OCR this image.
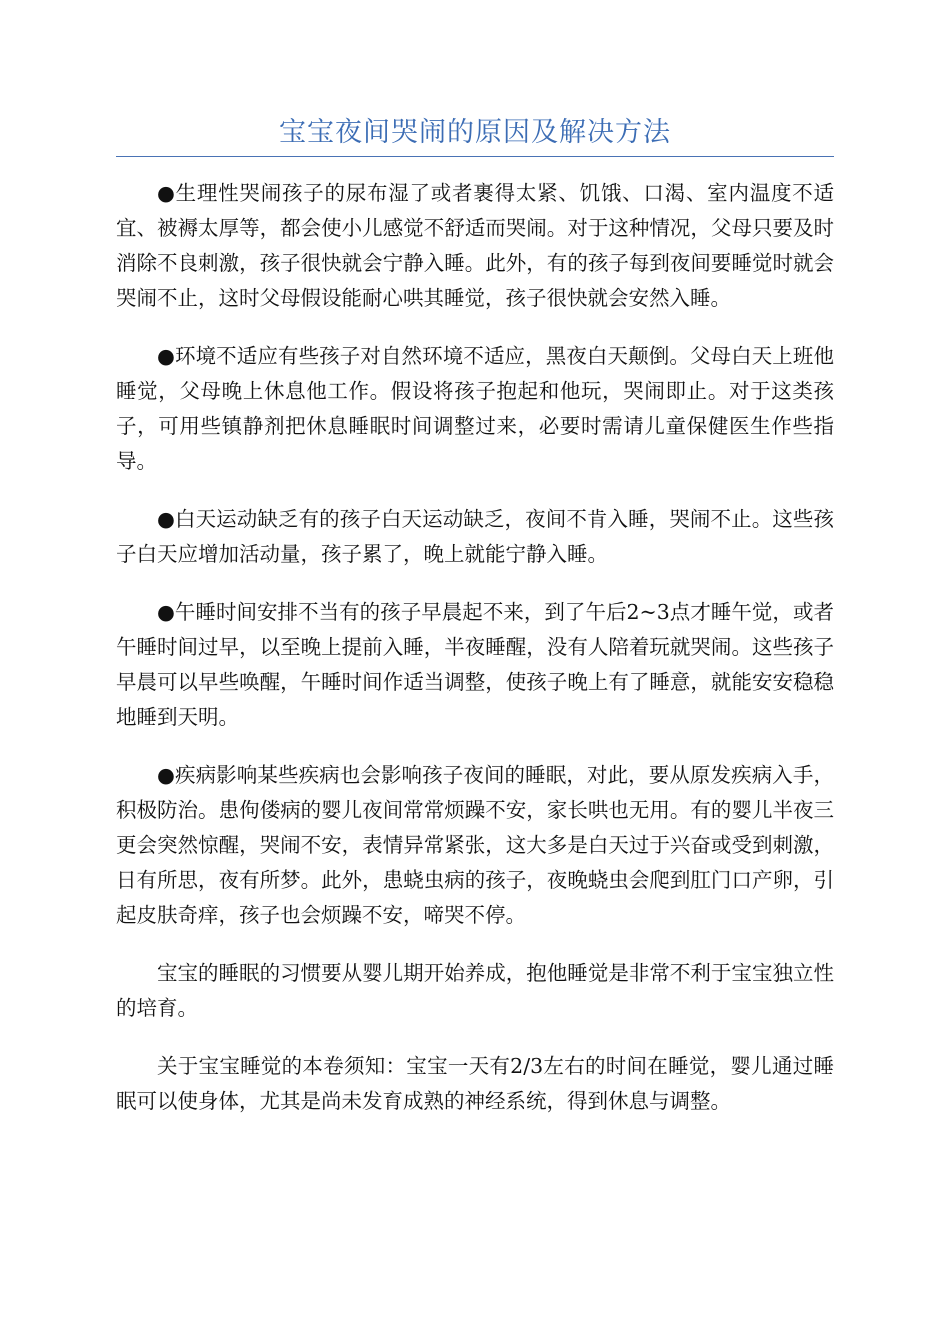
宝宝夜间哭闹的原因及解决方法

●生理性哭闹孩子的尿布湿了或者裹得太紧、饥饿、口渴、室内温度不适宜、被褥太厚等，都会使小儿感觉不舒适而哭闹。对于这种情况，父母只要及时消除不良刺激，孩子很快就会宁静入睡。此外，有的孩子每到夜间要睡觉时就会哭闹不止，这时父母假设能耐心哄其睡觉，孩子很快就会安然入睡。

●环境不适应有些孩子对自然环境不适应，黑夜白天颠倒。父母白天上班他睡觉，父母晚上休息他工作。假设将孩子抱起和他玩，哭闹即止。对于这类孩子，可用些镇静剂把休息睡眠时间调整过来，必要时需请儿童保健医生作些指导。

●白天运动缺乏有的孩子白天运动缺乏，夜间不肯入睡，哭闹不止。这些孩子白天应增加活动量，孩子累了，晚上就能宁静入睡。

●午睡时间安排不当有的孩子早晨起不来，到了午后2~3点才睡午觉，或者午睡时间过早，以至晚上提前入睡，半夜睡醒，没有人陪着玩就哭闹。这些孩子早晨可以早些唤醒，午睡时间作适当调整，使孩子晚上有了睡意，就能安安稳稳地睡到天明。

●疾病影响某些疾病也会影响孩子夜间的睡眠，对此，要从原发疾病入手，积极防治。患佝偻病的婴儿夜间常常烦躁不安，家长哄也无用。有的婴儿半夜三更会突然惊醒，哭闹不安，表情异常紧张，这大多是白天过于兴奋或受到刺激，日有所思，夜有所梦。此外，患蛲虫病的孩子，夜晚蛲虫会爬到肛门口产卵，引起皮肤奇痒，孩子也会烦躁不安，啼哭不停。

宝宝的睡眠的习惯要从婴儿期开始养成，抱他睡觉是非常不利于宝宝独立性的培育。

关于宝宝睡觉的本卷须知：宝宝一天有2/3左右的时间在睡觉，婴儿通过睡眠可以使身体，尤其是尚未发育成熟的神经系统，得到休息与调整。
